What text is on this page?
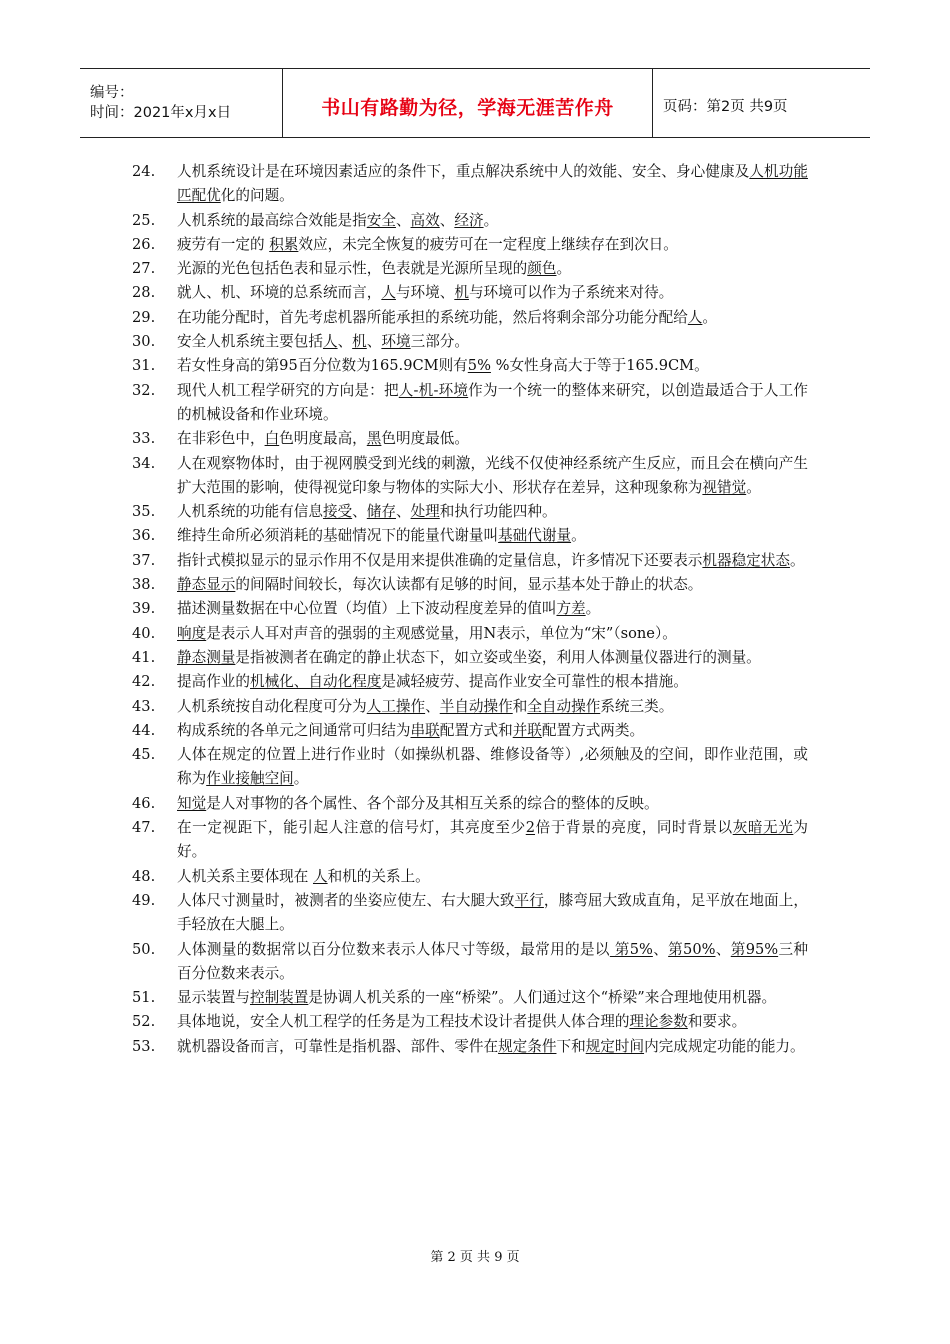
编号：
时间：2021年x月x日	书山有路勤为径，学海无涯苦作舟	页码：第2页 共9页
24.	人机系统设计是在环境因素适应的条件下，重点解决系统中人的效能、安全、身心健康及人机功能匹配优化的问题。
25.	人机系统的最高综合效能是指安全、高效、经济。
26.	疲劳有一定的 积累效应，未完全恢复的疲劳可在一定程度上继续存在到次日。
27.	光源的光色包括色表和显示性，色表就是光源所呈现的颜色。
28.	就人、机、环境的总系统而言，人与环境、机与环境可以作为子系统来对待。
29.	在功能分配时，首先考虑机器所能承担的系统功能，然后将剩余部分功能分配给人。
30.	安全人机系统主要包括人、机、环境三部分。
31.	若女性身高的第95百分位数为165.9CM则有5% %女性身高大于等于165.9CM。
32.	现代人机工程学研究的方向是：把人-机-环境作为一个统一的整体来研究，以创造最适合于人工作的机械设备和作业环境。
33.	在非彩色中，白色明度最高，黑色明度最低。
34.	人在观察物体时，由于视网膜受到光线的刺激，光线不仅使神经系统产生反应，而且会在横向产生扩大范围的影响，使得视觉印象与物体的实际大小、形状存在差异，这种现象称为视错觉。
35.	人机系统的功能有信息接受、储存、处理和执行功能四种。
36.	维持生命所必须消耗的基础情况下的能量代谢量叫基础代谢量。
37.	指针式模拟显示的显示作用不仅是用来提供准确的定量信息，许多情况下还要表示机器稳定状态。
38.	静态显示的间隔时间较长，每次认读都有足够的时间，显示基本处于静止的状态。
39.	描述测量数据在中心位置（均值）上下波动程度差异的值叫方差。
40.	响度是表示人耳对声音的强弱的主观感觉量，用N表示，单位为“宋”（sone）。
41.	静态测量是指被测者在确定的静止状态下，如立姿或坐姿，利用人体测量仪器进行的测量。
42.	提高作业的机械化、自动化程度是减轻疲劳、提高作业安全可靠性的根本措施。
43.	人机系统按自动化程度可分为人工操作、半自动操作和全自动操作系统三类。
44.	构成系统的各单元之间通常可归结为串联配置方式和并联配置方式两类。
45.	人体在规定的位置上进行作业时（如操纵机器、维修设备等）,必须触及的空间，即作业范围，或称为作业接触空间。
46.	知觉是人对事物的各个属性、各个部分及其相互关系的综合的整体的反映。
47.	在一定视距下，能引起人注意的信号灯，其亮度至少2倍于背景的亮度，同时背景以灰暗无光为好。
48.	人机关系主要体现在 人和机的关系上。
49.	人体尺寸测量时，被测者的坐姿应使左、右大腿大致平行，膝弯屈大致成直角，足平放在地面上，手轻放在大腿上。
50.	人体测量的数据常以百分位数来表示人体尺寸等级，最常用的是以 第5%、第50%、第95%三种百分位数来表示。
51.	显示装置与控制装置是协调人机关系的一座“桥梁”。人们通过这个“桥梁”来合理地使用机器。
52.	具体地说，安全人机工程学的任务是为工程技术设计者提供人体合理的理论参数和要求。
53.	就机器设备而言，可靠性是指机器、部件、零件在规定条件下和规定时间内完成规定功能的能力。
第 2 页 共 9 页
